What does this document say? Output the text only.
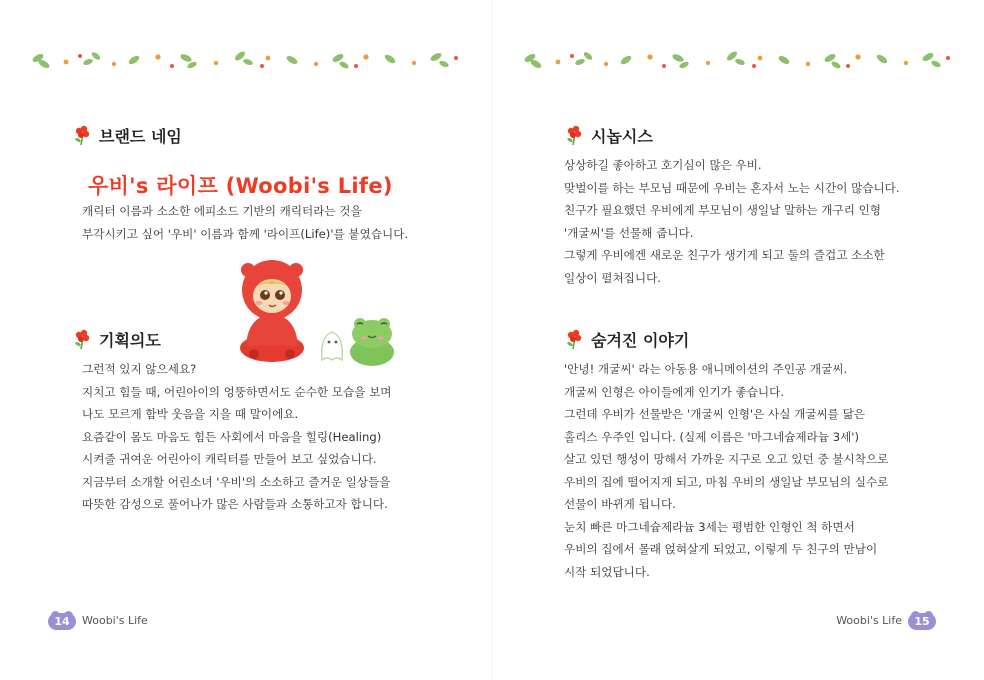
브랜드 네임
우비's 라이프 (Woobi's Life)
캐릭터 이름과 소소한 에피소드 기반의 캐릭터라는 것을
부각시키고 싶어 '우비' 이름과 함께 '라이프(Life)'를 붙였습니다.
기획의도
그런적 있지 않으세요?
지치고 힘들 때, 어린아이의 엉뚱하면서도 순수한 모습을 보며
나도 모르게 함박 웃음을 지을 때 말이에요.
요즘같이 몸도 마음도 힘든 사회에서 마음을 힐링(Healing)
시켜줄 귀여운 어린아이 캐릭터를 만들어 보고 싶었습니다.
지금부터 소개할 어린소녀 '우비'의 소소하고 즐거운 일상들을
따뜻한 감성으로 풀어나가 많은 사람들과 소통하고자 합니다.
14	Woobi's Life
시놉시스
상상하길 좋아하고 호기심이 많은 우비.
맞벌이를 하는 부모님 때문에 우비는 혼자서 노는 시간이 많습니다.
친구가 필요했던 우비에게 부모님이 생일날 말하는 개구리 인형
'개굴씨'를 선물해 줍니다.
그렇게 우비에겐 새로운 친구가 생기게 되고 둘의 즐겁고 소소한
일상이 펼쳐집니다.
숨겨진 이야기
'안녕! 개굴씨' 라는 아동용 애니메이션의 주인공 개굴씨.
개굴씨 인형은 아이들에게 인기가 좋습니다.
그런데 우비가 선물받은 '개굴씨 인형'은 사실 개굴씨를 닮은
홀리스 우주인 입니다. (실제 이름은 '마그네슘제라늄 3세')
살고 있던 행성이 망해서 가까운 지구로 오고 있던 중 불시착으로
우비의 집에 떨어지게 되고, 마침 우비의 생일날 부모님의 실수로
선물이 바뀌게 됩니다.
눈치 빠른 마그네슘제라늄 3세는 평범한 인형인 척 하면서
우비의 집에서 몰래 얹혀살게 되었고, 이렇게 두 친구의 만남이
시작 되었답니다.
Woobi's Life	15
